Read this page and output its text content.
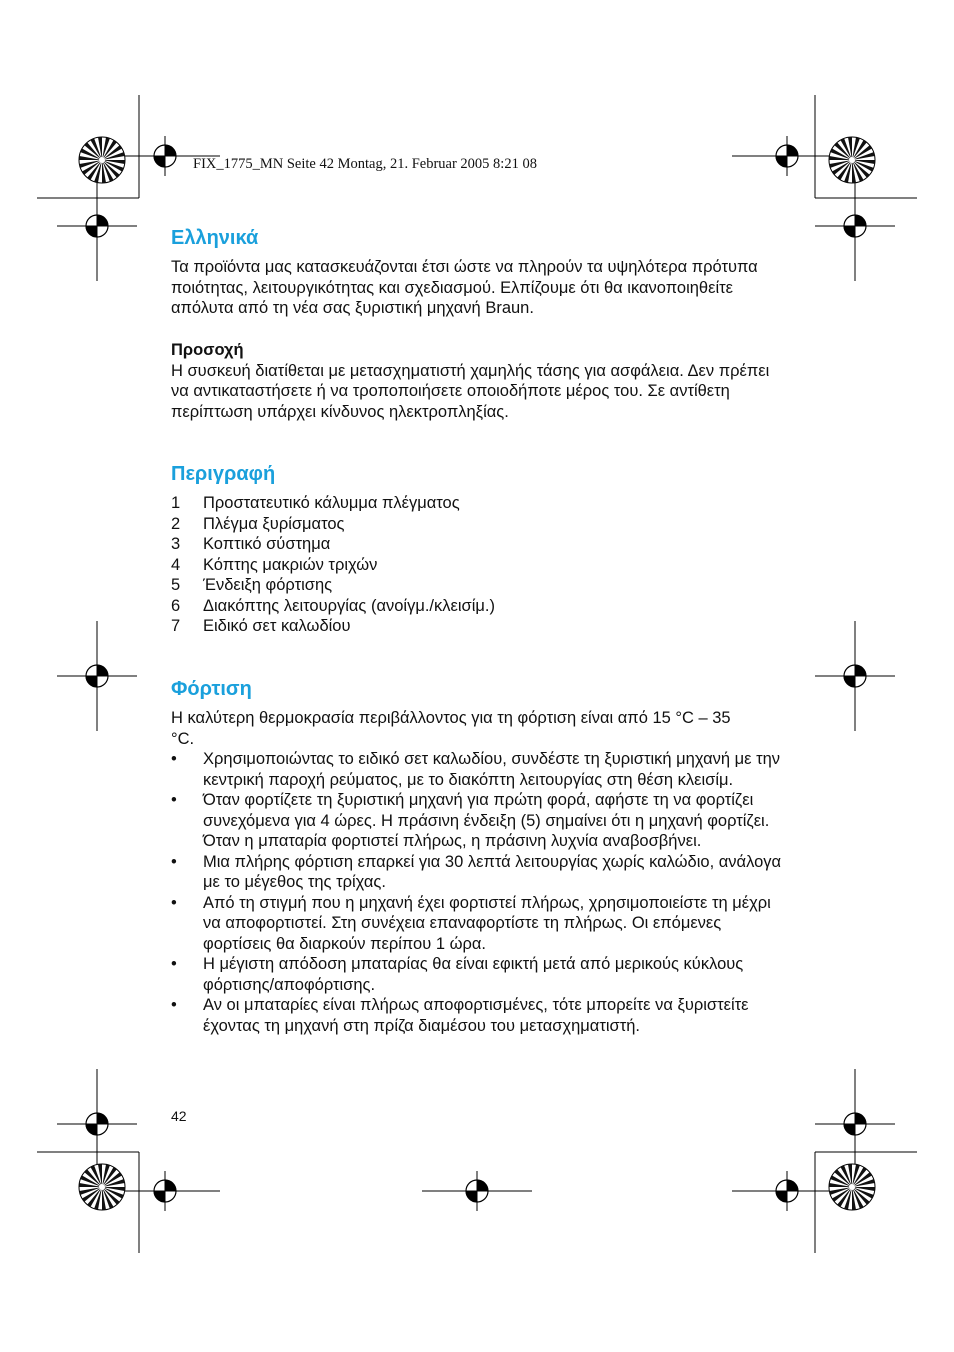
FIX_1775_MN Seite 42 Montag, 21. Februar 2005 8:21 08
Ελληνικά

Τα προϊόντα μας κατασκευάζονται έτσι ώστε να πληρούν τα υψηλότερα πρότυπα ποιότητας, λειτουργικότητας και σχεδιασμού. Ελπίζουμε ότι θα ικανοποιηθείτε απόλυτα από τη νέα σας ξυριστική μηχανή Braun.

Προσοχή

Η συσκευή διατίθεται με μετασχηματιστή χαμηλής τάσης για ασφάλεια. Δεν πρέπει να αντικαταστήσετε ή να τροποποιήσετε οποιοδήποτε μέρος του. Σε αντίθετη περίπτωση υπάρχει κίνδυνος ηλεκτροπληξίας.

Περιγραφή
1	Προστατευτικό κάλυμμα πλέγματος
2	Πλέγμα ξυρίσματος
3	Κοπτικό σύστημα
4	Κόπτης μακριών τριχών
5	Ένδειξη φόρτισης
6	Διακόπτης λειτουργίας (ανοίγμ./κλεισίμ.)
7	Ειδικό σετ καλωδίου
Φόρτιση

Η καλύτερη θερμοκρασία περιβάλλοντος για τη φόρτιση είναι από 15 °C – 35 °C.

•	Χρησιμοποιώντας το ειδικό σετ καλωδίου, συνδέστε τη ξυριστική μηχανή με την κεντρική παροχή ρεύματος, με το διακόπτη λειτουργίας στη θέση κλεισίμ.
•	Όταν φορτίζετε τη ξυριστική μηχανή για πρώτη φορά, αφήστε τη να φορτίζει συνεχόμενα για 4 ώρες. Η πράσινη ένδειξη (5) σημαίνει ότι η μηχανή φορτίζει. Όταν η μπαταρία φορτιστεί πλήρως, η πράσινη λυχνία αναβοσβήνει.
•	Μια πλήρης φόρτιση επαρκεί για 30 λεπτά λειτουργίας χωρίς καλώδιο, ανάλογα με το μέγεθος της τρίχας.
•	Από τη στιγμή που η μηχανή έχει φορτιστεί πλήρως, χρησιμοποιείστε τη μέχρι να αποφορτιστεί. Στη συνέχεια επαναφορτίστε τη πλήρως. Οι επόμενες φορτίσεις θα διαρκούν περίπου 1 ώρα.
•	Η μέγιστη απόδοση μπαταρίας θα είναι εφικτή μετά από μερικούς κύκλους φόρτισης/αποφόρτισης.
•	Αν οι μπαταρίες είναι πλήρως αποφορτισμένες, τότε μπορείτε να ξυριστείτε έχοντας τη μηχανή στη πρίζα διαμέσου του μετασχηματιστή.
42
